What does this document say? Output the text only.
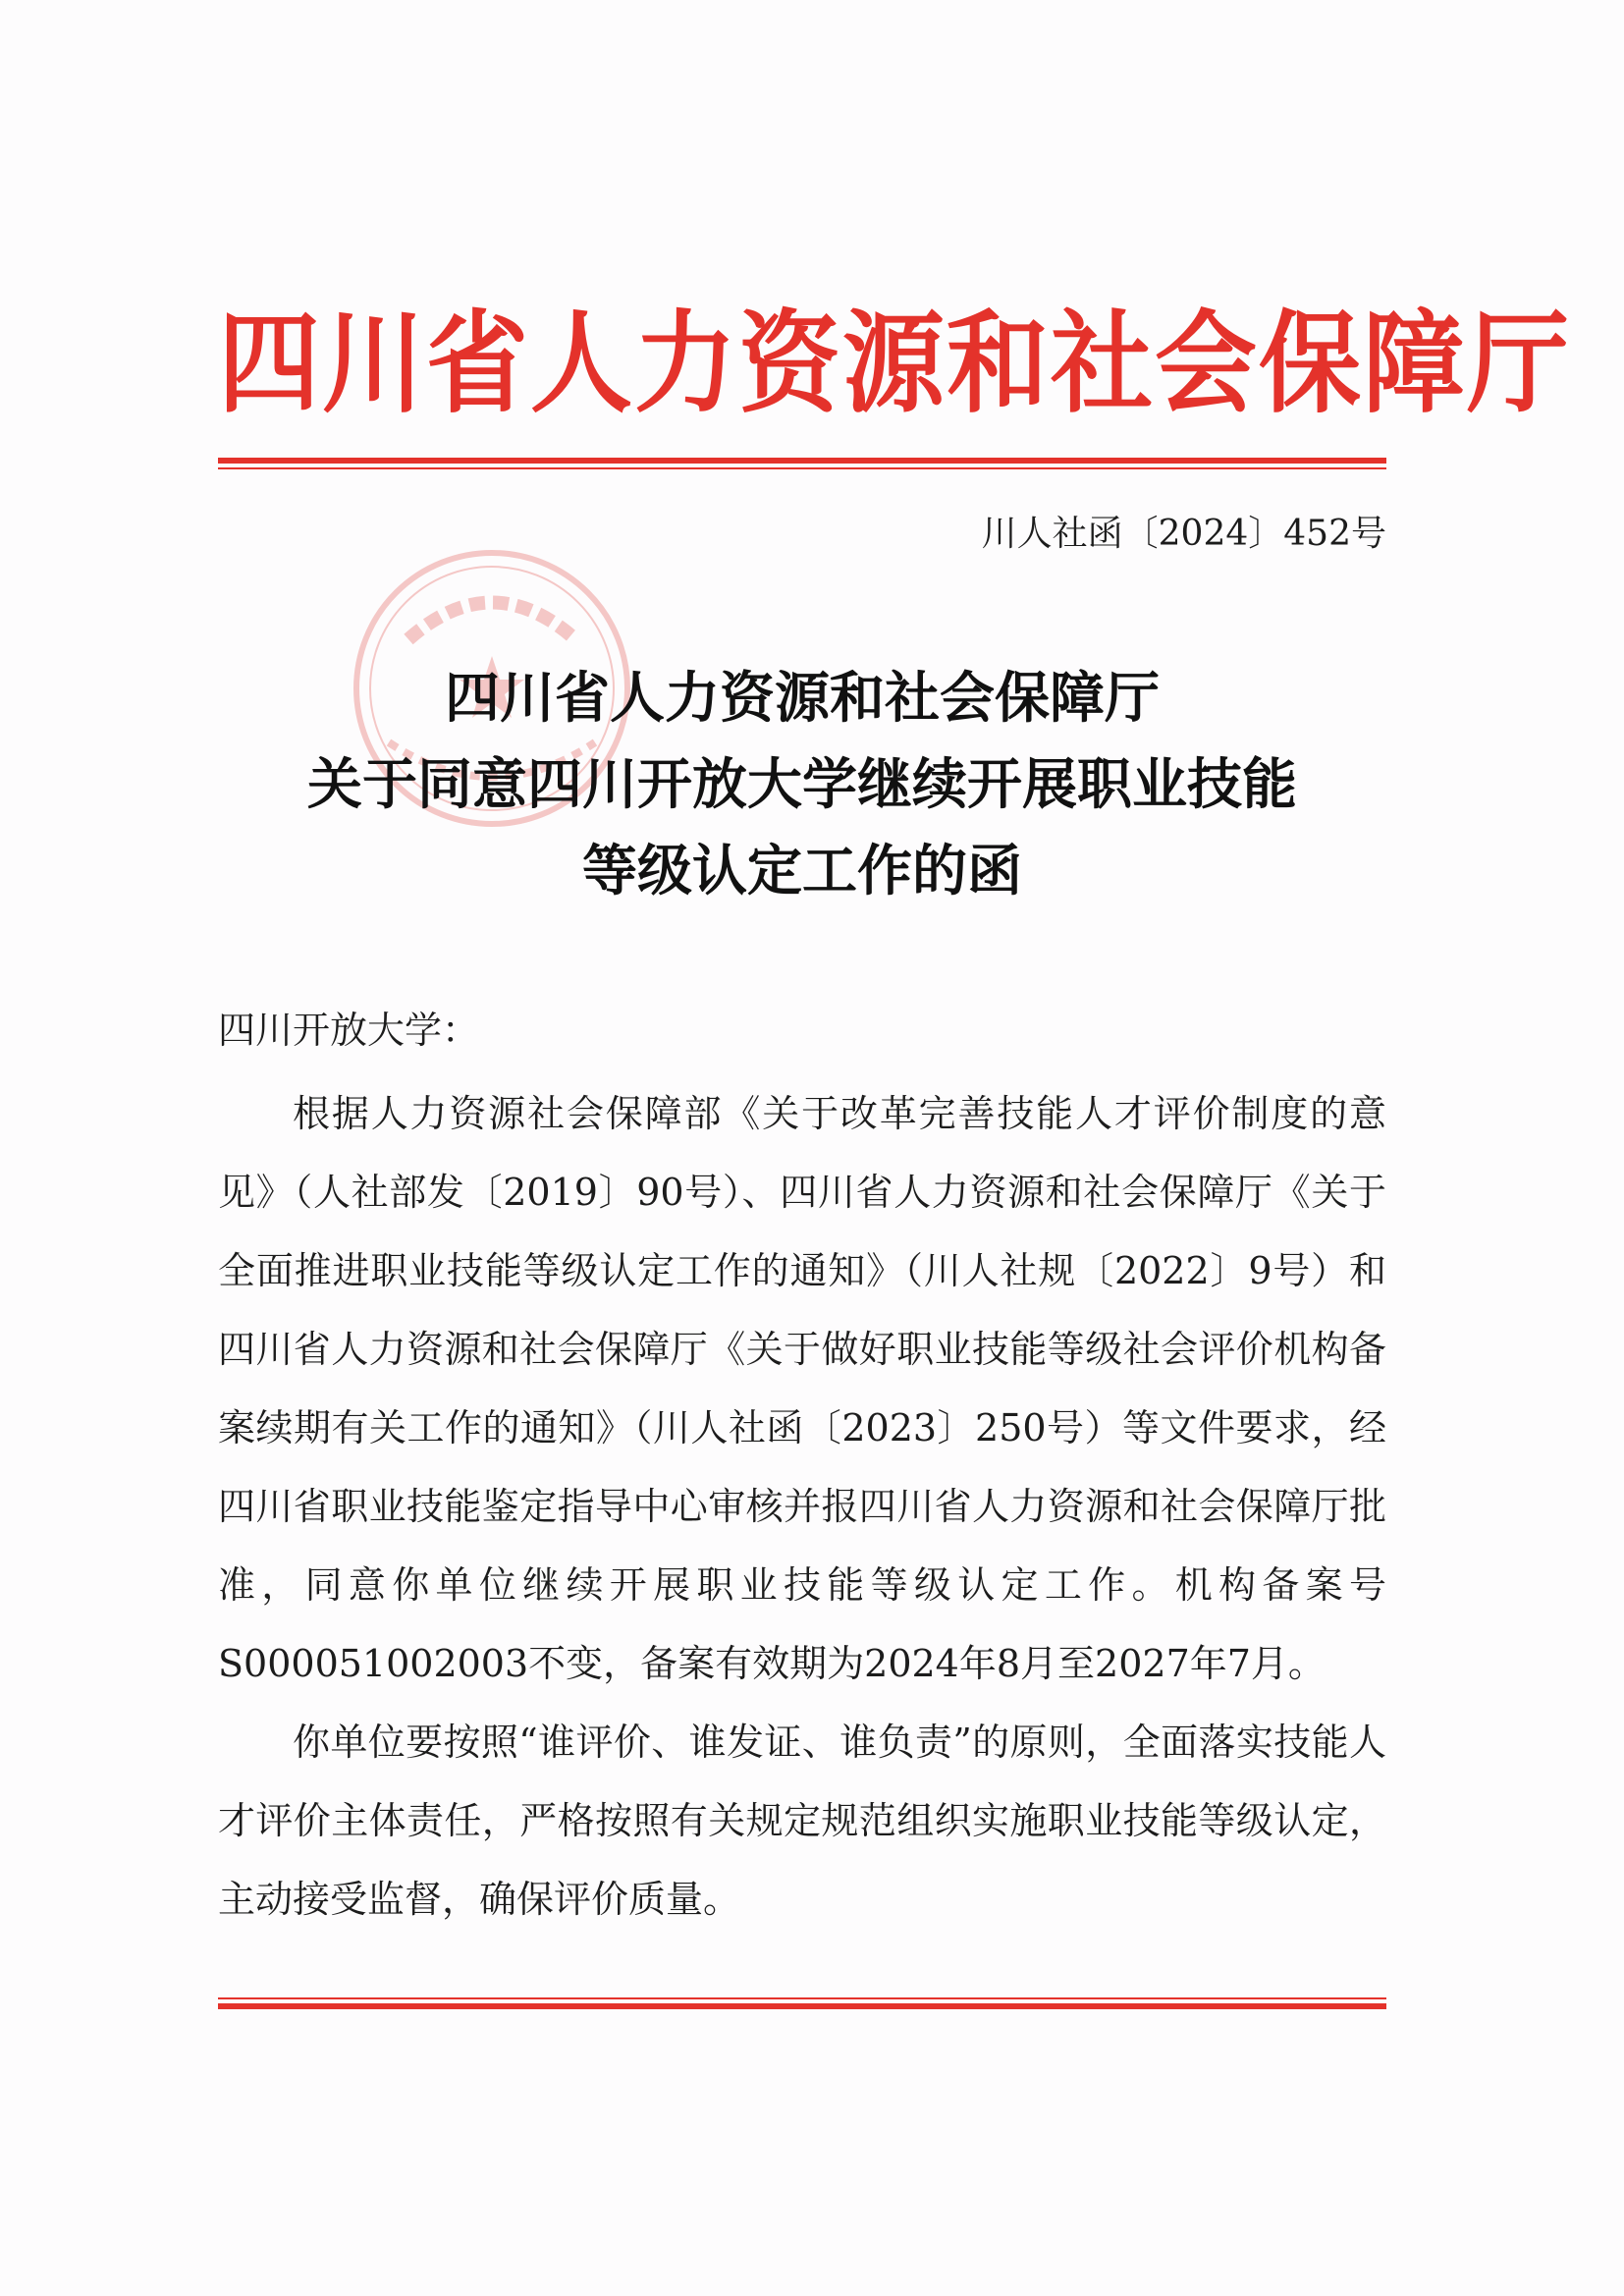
四川省人力资源和社会保障厅
川人社函〔2024〕452号
四川省人力资源和社会保障厅
关于同意四川开放大学继续开展职业技能
等级认定工作的函
四川开放大学：

根据人力资源社会保障部《关于改革完善技能人才评价制度的意见》（人社部发〔2019〕90号）、四川省人力资源和社会保障厅《关于全面推进职业技能等级认定工作的通知》（川人社规〔2022〕9号）和四川省人力资源和社会保障厅《关于做好职业技能等级社会评价机构备案续期有关工作的通知》（川人社函〔2023〕250号）等文件要求，经四川省职业技能鉴定指导中心审核并报四川省人力资源和社会保障厅批准，同意你单位继续开展职业技能等级认定工作。机构备案号S000051002003不变，备案有效期为2024年8月至2027年7月。

你单位要按照“谁评价、谁发证、谁负责”的原则，全面落实技能人才评价主体责任，严格按照有关规定规范组织实施职业技能等级认定，主动接受监督，确保评价质量。
